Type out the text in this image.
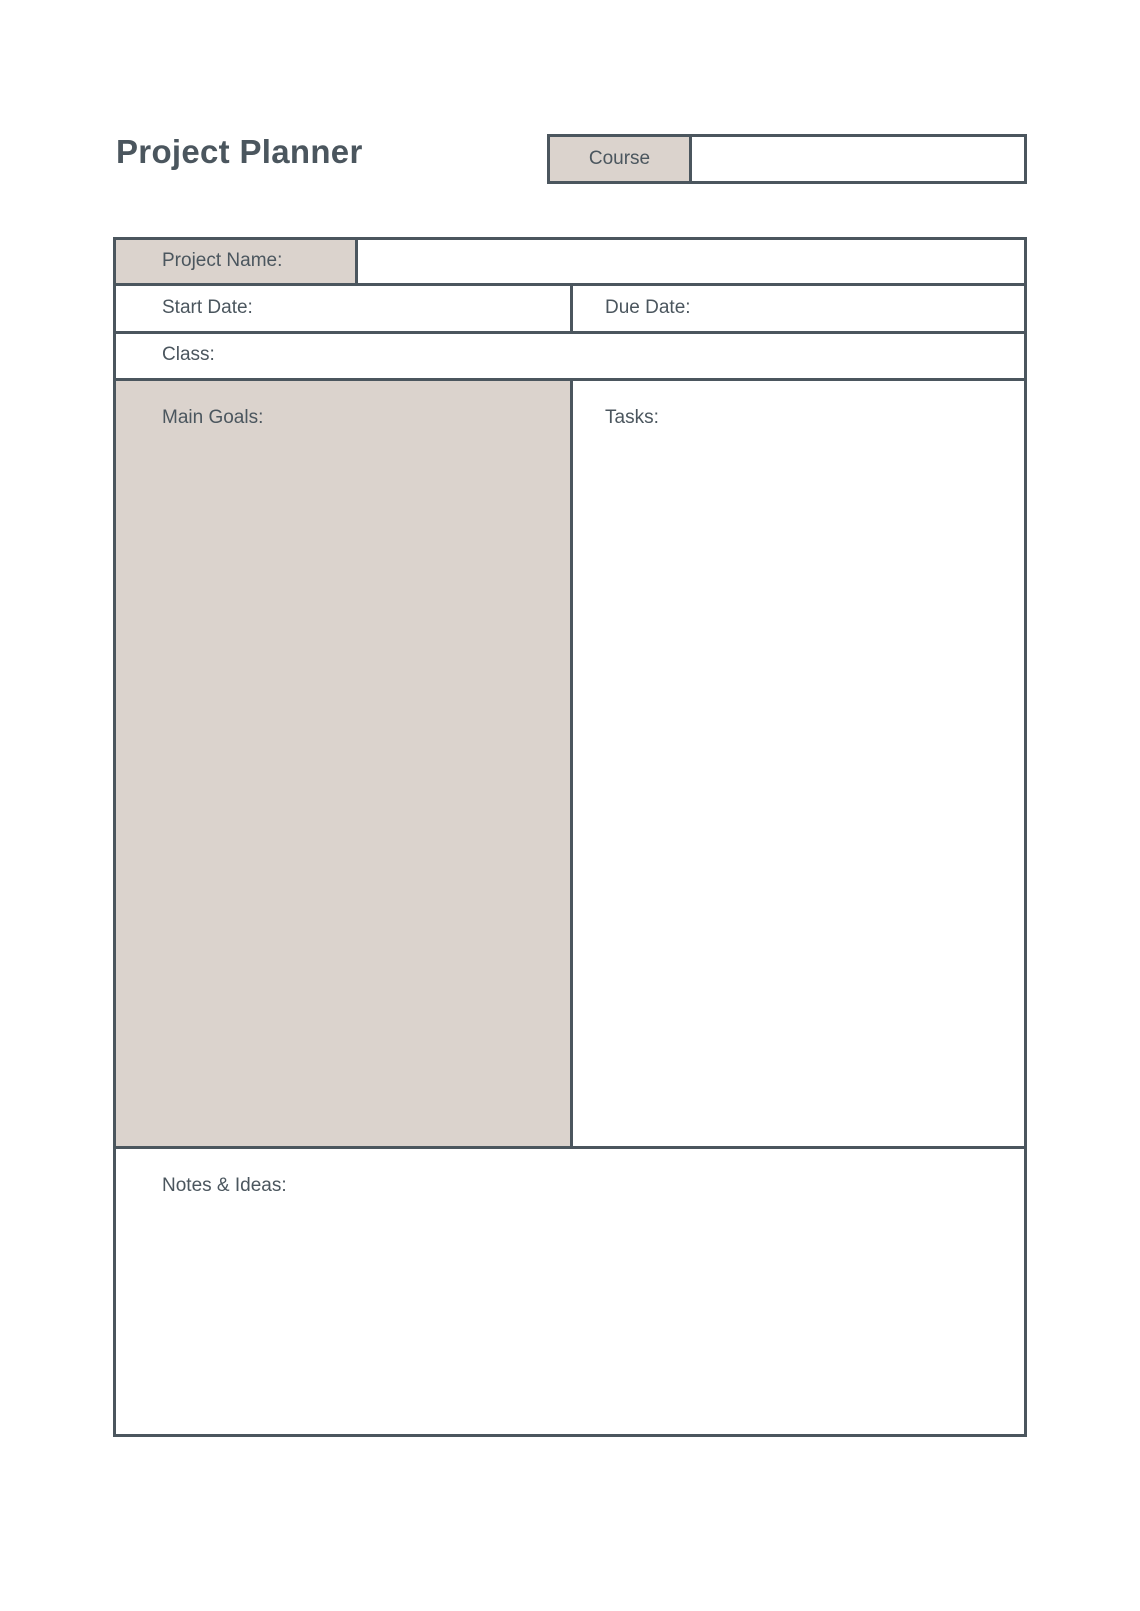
Project Planner	Course
Project Name:
Start Date:	Due Date:
Class:
Main Goals:	Tasks:
Notes & Ideas:
